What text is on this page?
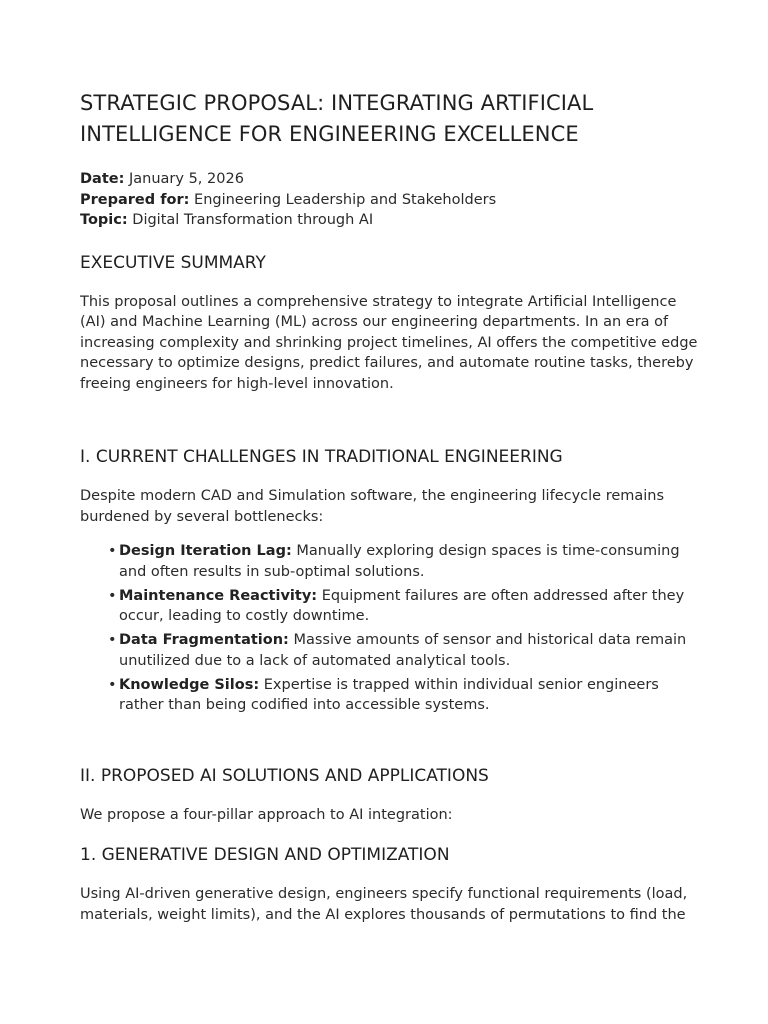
STRATEGIC PROPOSAL: INTEGRATING ARTIFICIAL INTELLIGENCE FOR ENGINEERING EXCELLENCE
Date: January 5, 2026
Prepared for: Engineering Leadership and Stakeholders
Topic: Digital Transformation through AI
EXECUTIVE SUMMARY

This proposal outlines a comprehensive strategy to integrate Artificial Intelligence (AI) and Machine Learning (ML) across our engineering departments. In an era of increasing complexity and shrinking project timelines, AI offers the competitive edge necessary to optimize designs, predict failures, and automate routine tasks, thereby freeing engineers for high-level innovation.

I. CURRENT CHALLENGES IN TRADITIONAL ENGINEERING

Despite modern CAD and Simulation software, the engineering lifecycle remains burdened by several bottlenecks:

• Design Iteration Lag: Manually exploring design spaces is time-consuming and often results in sub-optimal solutions.
• Maintenance Reactivity: Equipment failures are often addressed after they occur, leading to costly downtime.
• Data Fragmentation: Massive amounts of sensor and historical data remain unutilized due to a lack of automated analytical tools.
• Knowledge Silos: Expertise is trapped within individual senior engineers rather than being codified into accessible systems.
II. PROPOSED AI SOLUTIONS AND APPLICATIONS

We propose a four-pillar approach to AI integration:

1. GENERATIVE DESIGN AND OPTIMIZATION

Using AI-driven generative design, engineers specify functional requirements (load, materials, weight limits), and the AI explores thousands of permutations to find the
